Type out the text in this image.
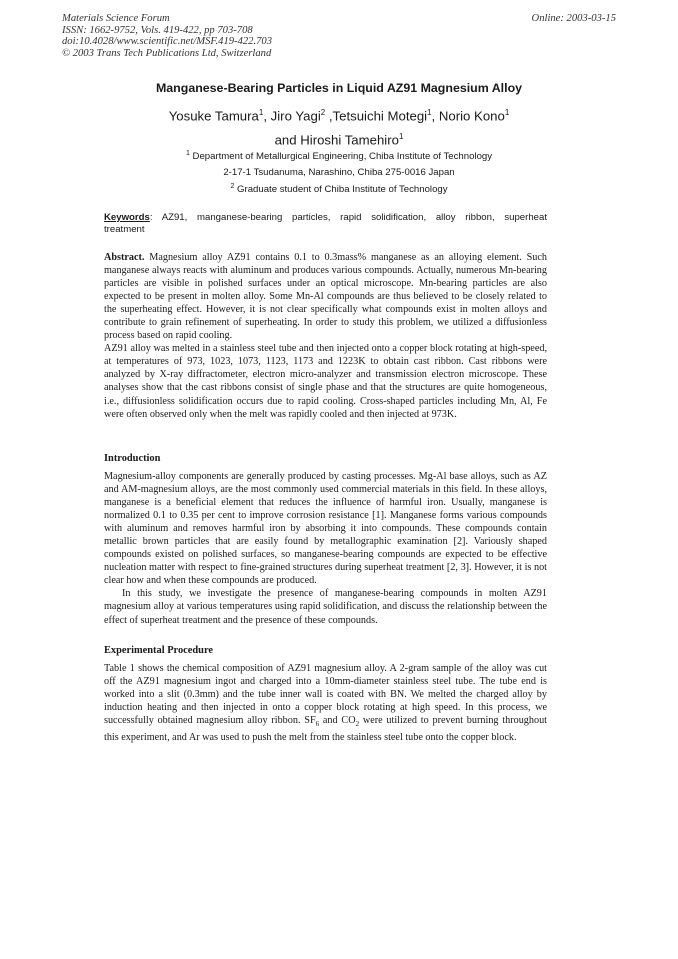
Materials Science Forum
ISSN: 1662-9752, Vols. 419-422, pp 703-708
doi:10.4028/www.scientific.net/MSF.419-422.703
© 2003 Trans Tech Publications Ltd, Switzerland
Online: 2003-03-15
Manganese-Bearing Particles in Liquid AZ91 Magnesium Alloy
Yosuke Tamura$^1$, Jiro Yagi$^2$ ,Tetsuichi Motegi$^1$, Norio Kono$^1$
and Hiroshi Tamehiro$^1$
$^1$ Department of Metallurgical Engineering, Chiba Institute of Technology
2-17-1 Tsudanuma, Narashino, Chiba 275-0016 Japan
$^2$ Graduate student of Chiba Institute of Technology
Keywords: AZ91, manganese-bearing particles, rapid solidification, alloy ribbon, superheat treatment

Abstract. Magnesium alloy AZ91 contains 0.1 to 0.3mass% manganese as an alloying element. Such manganese always reacts with aluminum and produces various compounds. Actually, numerous Mn-bearing particles are visible in polished surfaces under an optical microscope. Mn-bearing particles are also expected to be present in molten alloy. Some Mn-Al compounds are thus believed to be closely related to the superheating effect. However, it is not clear specifically what compounds exist in molten alloys and contribute to grain refinement of superheating. In order to study this problem, we utilized a diffusionless process based on rapid cooling.

AZ91 alloy was melted in a stainless steel tube and then injected onto a copper block rotating at high-speed, at temperatures of 973, 1023, 1073, 1123, 1173 and 1223K to obtain cast ribbon. Cast ribbons were analyzed by X-ray diffractometer, electron micro-analyzer and transmission electron microscope. These analyses show that the cast ribbons consist of single phase and that the structures are quite homogeneous, i.e., diffusionless solidification occurs due to rapid cooling. Cross-shaped particles including Mn, Al, Fe were often observed only when the melt was rapidly cooled and then injected at 973K.

Introduction

Magnesium-alloy components are generally produced by casting processes. Mg-Al base alloys, such as AZ and AM-magnesium alloys, are the most commonly used commercial materials in this field. In these alloys, manganese is a beneficial element that reduces the influence of harmful iron. Usually, manganese is normalized 0.1 to 0.35 per cent to improve corrosion resistance [1]. Manganese forms various compounds with aluminum and removes harmful iron by absorbing it into compounds. These compounds contain metallic brown particles that are easily found by metallographic examination [2]. Variously shaped compounds existed on polished surfaces, so manganese-bearing compounds are expected to be effective nucleation matter with respect to fine-grained structures during superheat treatment [2, 3]. However, it is not clear how and when these compounds are produced.

In this study, we investigate the presence of manganese-bearing compounds in molten AZ91 magnesium alloy at various temperatures using rapid solidification, and discuss the relationship between the effect of superheat treatment and the presence of these compounds.

Experimental Procedure

Table 1 shows the chemical composition of AZ91 magnesium alloy. A 2-gram sample of the alloy was cut off the AZ91 magnesium ingot and charged into a 10mm-diameter stainless steel tube. The tube end is worked into a slit (0.3mm) and the tube inner wall is coated with BN. We melted the charged alloy by induction heating and then injected in onto a copper block rotating at high speed. In this process, we successfully obtained magnesium alloy ribbon. $SF_6$ and $CO_2$ were utilized to prevent burning throughout this experiment, and Ar was used to push the melt from the stainless steel tube onto the copper block.
